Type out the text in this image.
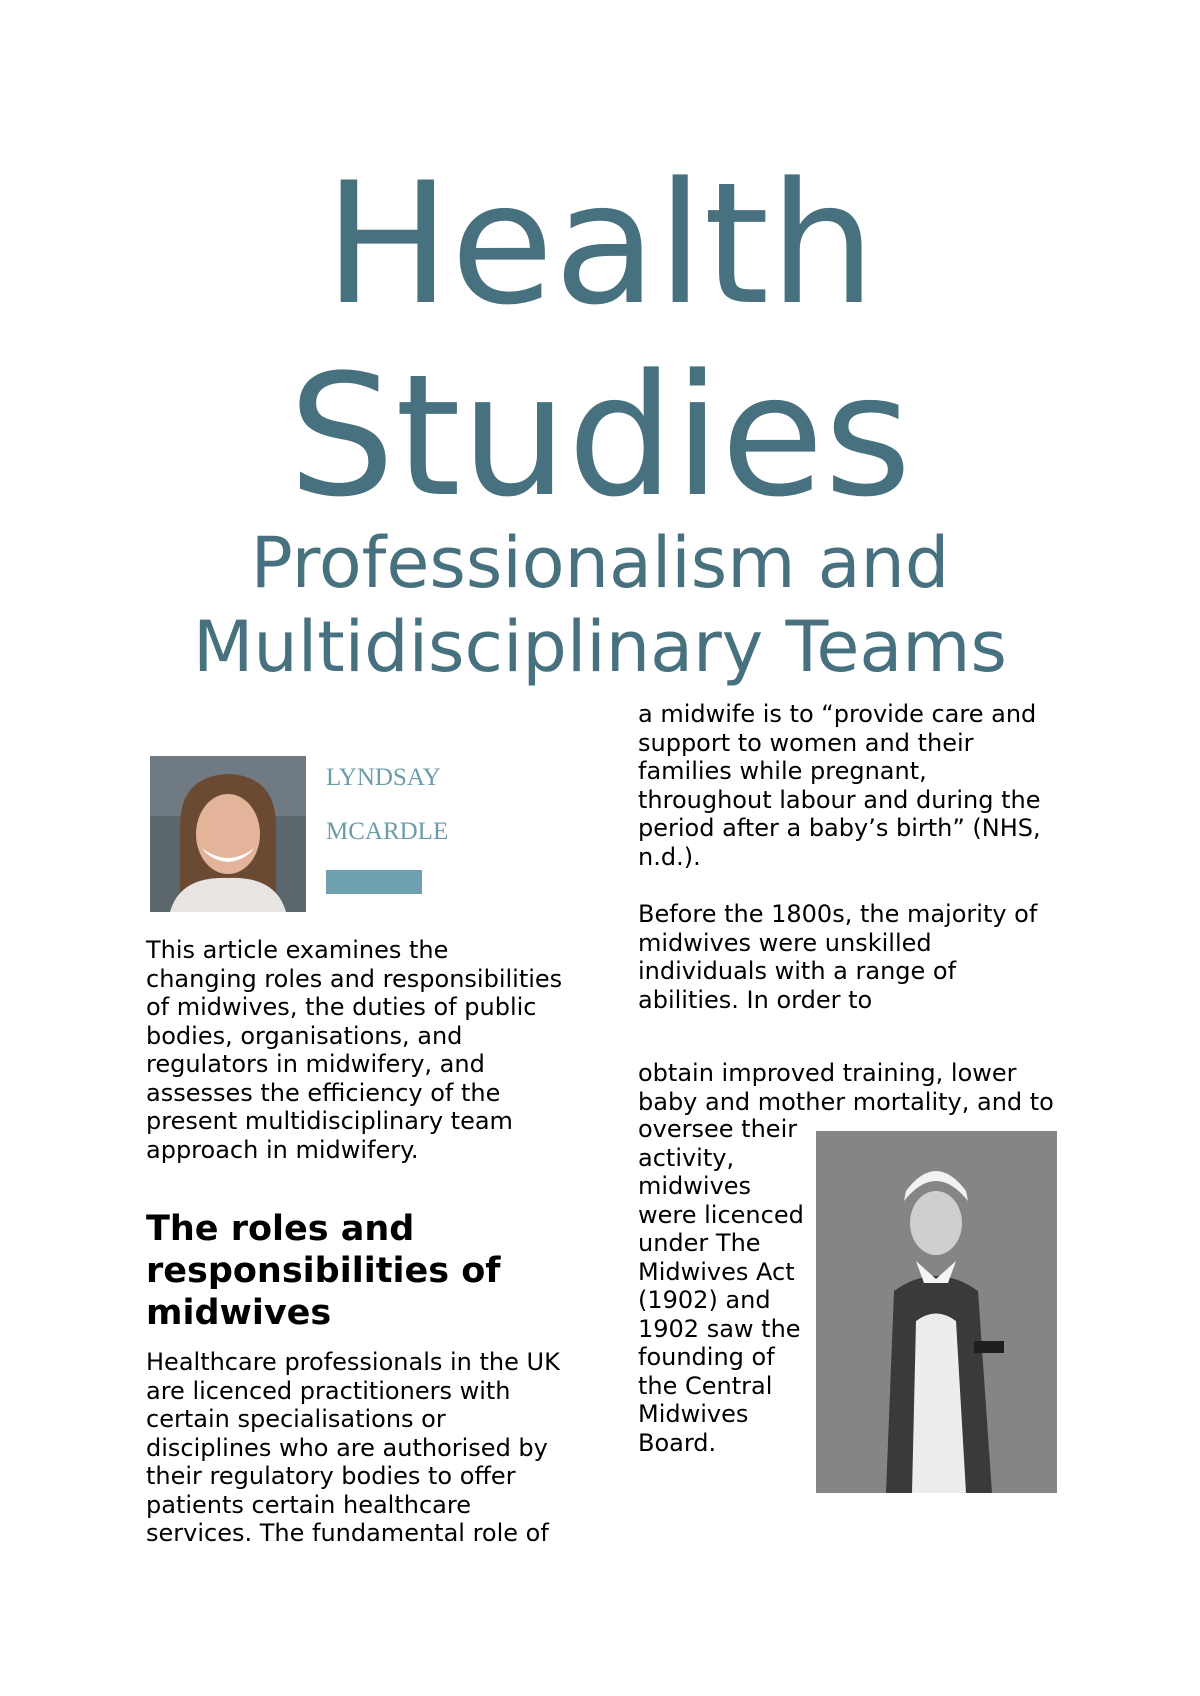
Health
Studies
Professionalism and
Multidisciplinary Teams

LYNDSAY

MCARDLE

This article examines the changing roles and responsibilities of midwives, the duties of public bodies, organisations, and regulators in midwifery, and assesses the efficiency of the present multidisciplinary team approach in midwifery.

The roles and responsibilities of midwives

Healthcare professionals in the UK are licenced practitioners with certain specialisations or disciplines who are authorised by their regulatory bodies to offer patients certain healthcare services. The fundamental role of

a midwife is to “provide care and support to women and their families while pregnant, throughout labour and during the period after a baby’s birth” (NHS, n.d.).

Before the 1800s, the majority of midwives were unskilled individuals with a range of abilities. In order to

obtain improved training, lower baby and mother mortality, and to

oversee their activity, midwives were licenced under The Midwives Act (1902) and 1902 saw the founding of the Central Midwives Board.
